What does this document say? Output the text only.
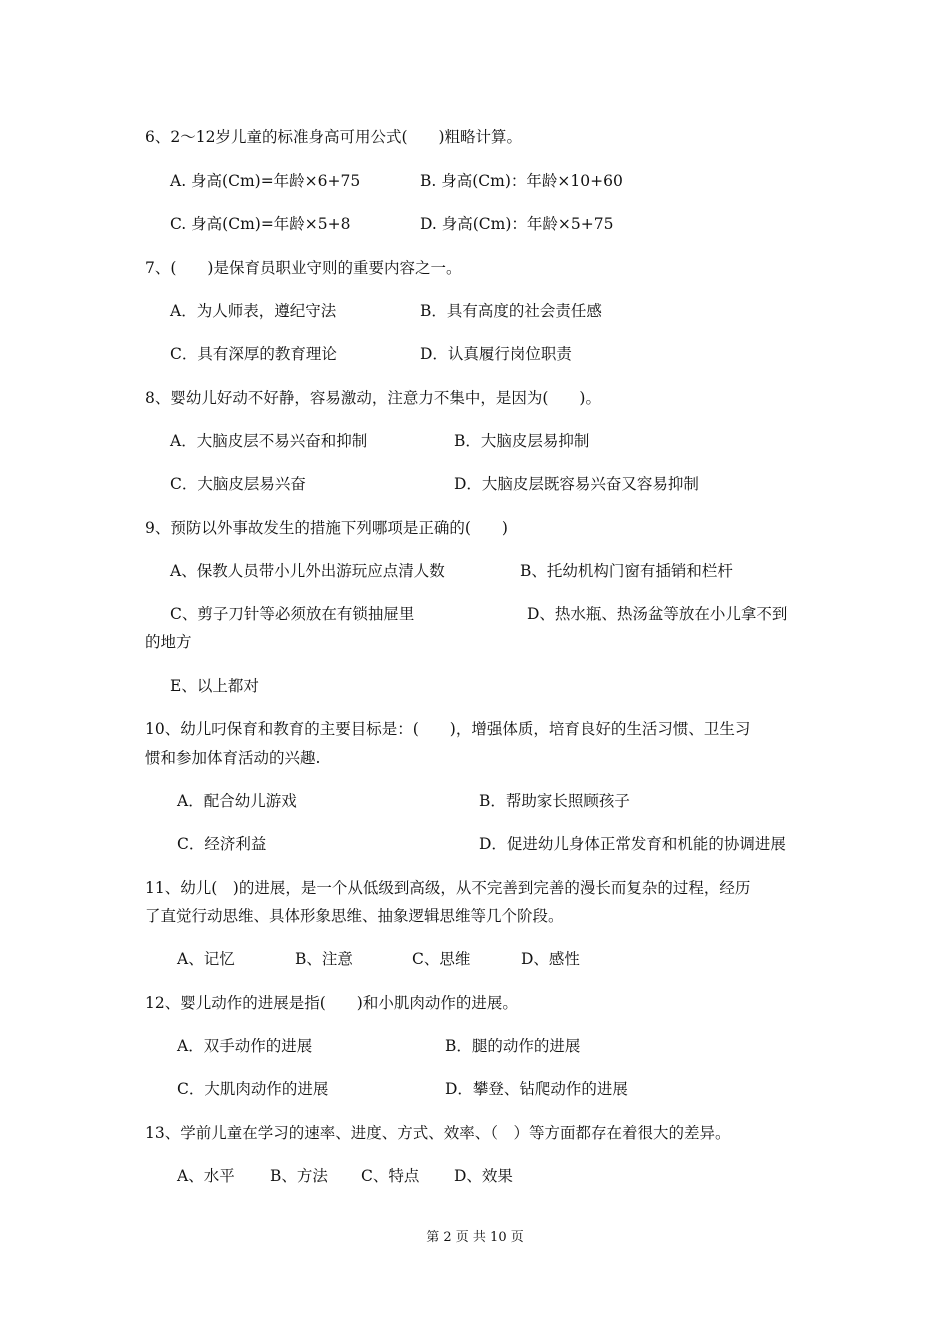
6、2～12岁儿童的标准身高可用公式(　　)粗略计算。
A. 身高(Cm)=年龄×6+75	B. 身高(Cm)：年龄×10+60
C. 身高(Cm)=年龄×5+8	D. 身高(Cm)：年龄×5+75
7、(　　)是保育员职业守则的重要内容之一。
A．为人师表，遵纪守法	B．具有高度的社会责任感
C．具有深厚的教育理论	D．认真履行岗位职责
8、婴幼儿好动不好静，容易激动，注意力不集中，是因为(　　)。
A．大脑皮层不易兴奋和抑制	B．大脑皮层易抑制
C．大脑皮层易兴奋	D．大脑皮层既容易兴奋又容易抑制
9、预防以外事故发生的措施下列哪项是正确的(　　)
A、保教人员带小儿外出游玩应点清人数	B、托幼机构门窗有插销和栏杆
C、剪子刀针等必须放在有锁抽屉里	D、热水瓶、热汤盆等放在小儿拿不到
的地方
E、以上都对
10、幼儿叼保育和教育的主要目标是：(　　)，增强体质，培育良好的生活习惯、卫生习
惯和参加体育活动的兴趣.
A．配合幼儿游戏	B．帮助家长照顾孩子
C．经济利益	D．促进幼儿身体正常发育和机能的协调进展
11、幼儿(　)的进展，是一个从低级到高级，从不完善到完善的漫长而复杂的过程，经历
了直觉行动思维、具体形象思维、抽象逻辑思维等几个阶段。
A、记忆	B、注意	C、思维	D、感性
12、婴儿动作的进展是指(　　)和小肌肉动作的进展。
A．双手动作的进展	B．腿的动作的进展
C．大肌肉动作的进展	D．攀登、钻爬动作的进展
13、学前儿童在学习的速率、进度、方式、效率、（　）等方面都存在着很大的差异。
A、水平 B、方法 C、特点 D、效果
第 2 页 共 10 页
